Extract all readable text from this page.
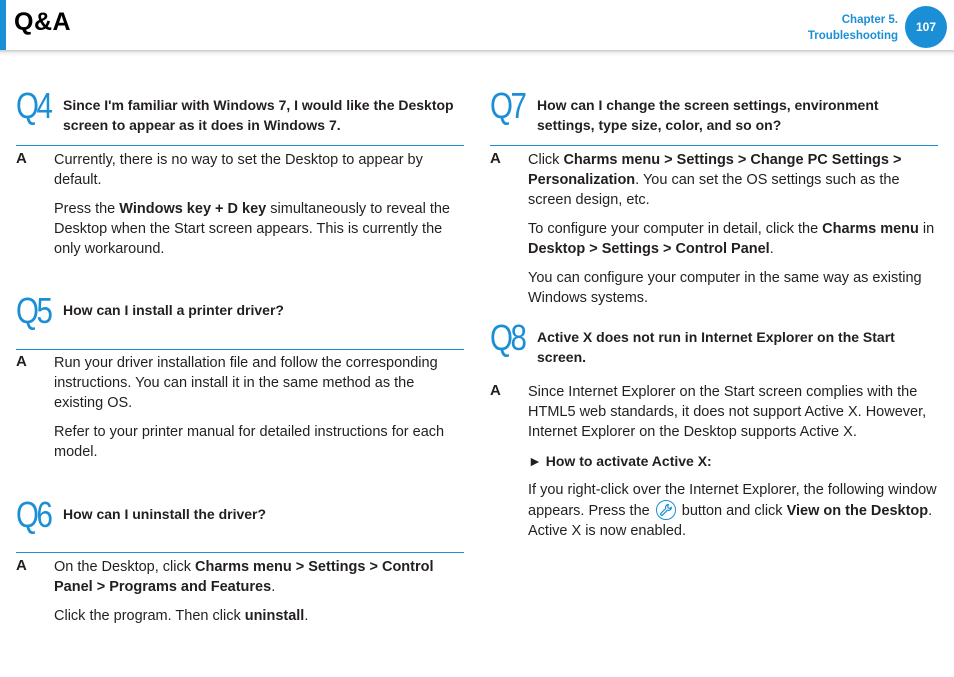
Q&A	Chapter 5.
Troubleshooting
107
Q4 Since I'm familiar with Windows 7, I would like the Desktop screen to appear as it does in Windows 7.
A Currently, there is no way to set the Desktop to appear by default.

Press the Windows key + D key simultaneously to reveal the Desktop when the Start screen appears. This is currently the only workaround.

Q5 How can I install a printer driver?
A Run your driver installation file and follow the corresponding instructions. You can install it in the same method as the existing OS.

Refer to your printer manual for detailed instructions for each model.

Q6 How can I uninstall the driver?
A On the Desktop, click Charms menu > Settings > Control Panel > Programs and Features.

Click the program. Then click uninstall.

Q7 How can I change the screen settings, environment settings, type size, color, and so on?
A Click Charms menu > Settings > Change PC Settings > Personalization. You can set the OS settings such as the screen design, etc.

To configure your computer in detail, click the Charms menu in Desktop > Settings > Control Panel.

You can configure your computer in the same way as existing Windows systems.

Q8 Active X does not run in Internet Explorer on the Start screen.
A Since Internet Explorer on the Start screen complies with the HTML5 web standards, it does not support Active X. However, Internet Explorer on the Desktop supports Active X.

► How to activate Active X:

If you right-click over the Internet Explorer, the following window appears. Press the
button and click View on the Desktop. Active X is now enabled.
